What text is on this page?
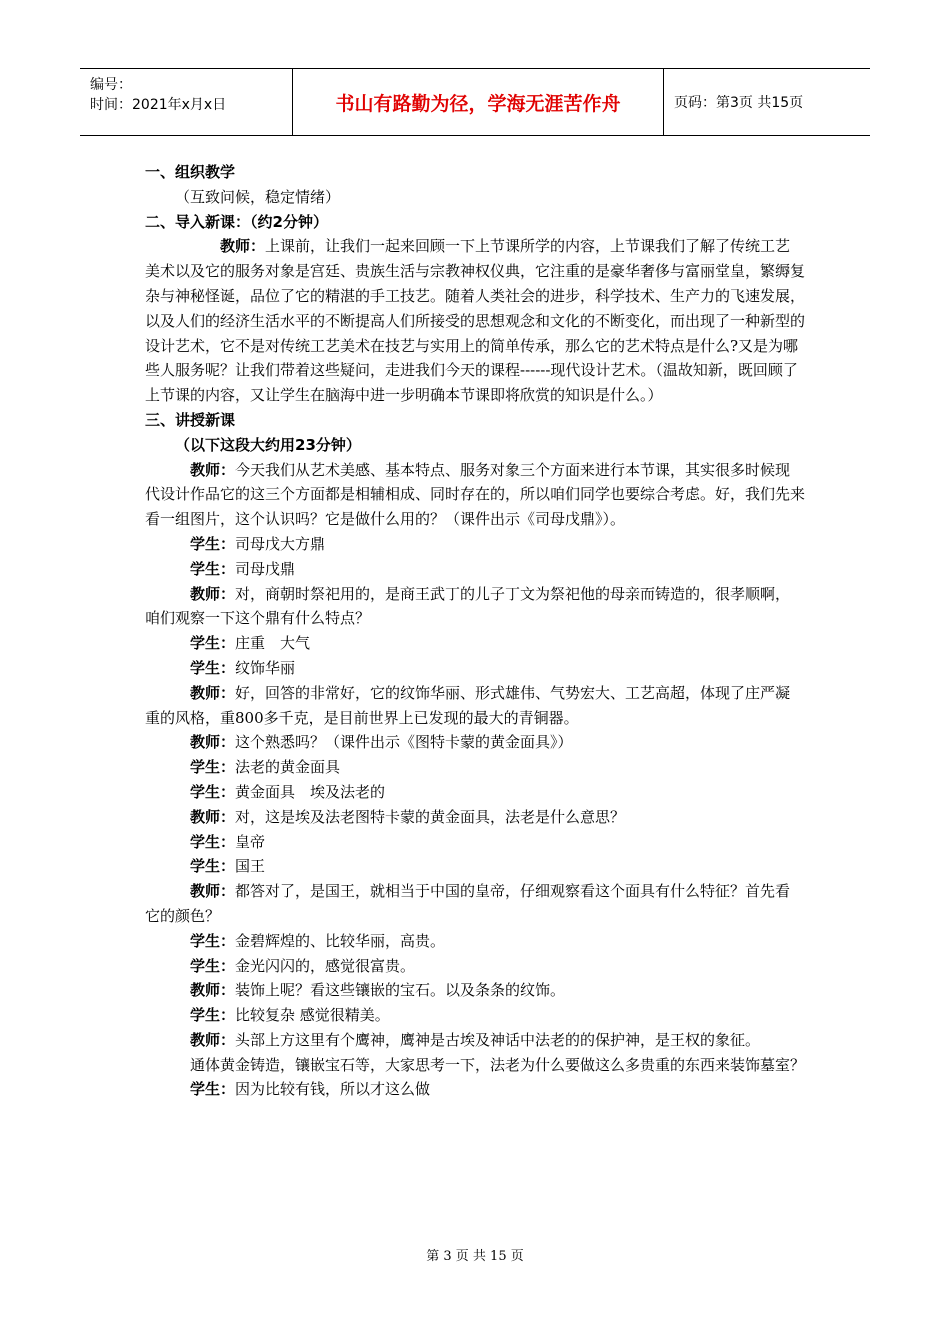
编号：
时间：2021年x月x日	书山有路勤为径，学海无涯苦作舟	页码：第3页 共15页

一、组织教学

（互致问候，稳定情绪）

二、导入新课：（约2分钟）

教师：上课前，让我们一起来回顾一下上节课所学的内容，上节课我们了解了传统工艺美术以及它的服务对象是宫廷、贵族生活与宗教神权仪典，它注重的是豪华奢侈与富丽堂皇，繁缛复杂与神秘怪诞，品位了它的精湛的手工技艺。随着人类社会的进步，科学技术、生产力的飞速发展，以及人们的经济生活水平的不断提高人们所接受的思想观念和文化的不断变化，而出现了一种新型的设计艺术，它不是对传统工艺美术在技艺与实用上的简单传承，那么它的艺术特点是什么?又是为哪些人服务呢？让我们带着这些疑问，走进我们今天的课程------现代设计艺术。（温故知新，既回顾了上节课的内容，又让学生在脑海中进一步明确本节课即将欣赏的知识是什么。）

三、讲授新课

（以下这段大约用23分钟）

教师：今天我们从艺术美感、基本特点、服务对象三个方面来进行本节课，其实很多时候现代设计作品它的这三个方面都是相辅相成、同时存在的，所以咱们同学也要综合考虑。好，我们先来看一组图片，这个认识吗？它是做什么用的？（课件出示《司母戊鼎》）。

学生：司母戊大方鼎

学生：司母戊鼎

教师：对，商朝时祭祀用的，是商王武丁的儿子丁文为祭祀他的母亲而铸造的，很孝顺啊，咱们观察一下这个鼎有什么特点？

学生：庄重　大气

学生：纹饰华丽

教师：好，回答的非常好，它的纹饰华丽、形式雄伟、气势宏大、工艺高超，体现了庄严凝重的风格，重800多千克，是目前世界上已发现的最大的青铜器。

教师：这个熟悉吗？（课件出示《图特卡蒙的黄金面具》）

学生：法老的黄金面具

学生：黄金面具　埃及法老的

教师：对，这是埃及法老图特卡蒙的黄金面具，法老是什么意思？

学生：皇帝

学生：国王

教师：都答对了，是国王，就相当于中国的皇帝，仔细观察看这个面具有什么特征？首先看它的颜色？

学生：金碧辉煌的、比较华丽，高贵。

学生：金光闪闪的，感觉很富贵。

教师：装饰上呢？看这些镶嵌的宝石。以及条条的纹饰。

学生：比较复杂 感觉很精美。

教师：头部上方这里有个鹰神，鹰神是古埃及神话中法老的的保护神，是王权的象征。

通体黄金铸造，镶嵌宝石等，大家思考一下，法老为什么要做这么多贵重的东西来装饰墓室？

学生：因为比较有钱，所以才这么做

第 3 页 共 15 页
